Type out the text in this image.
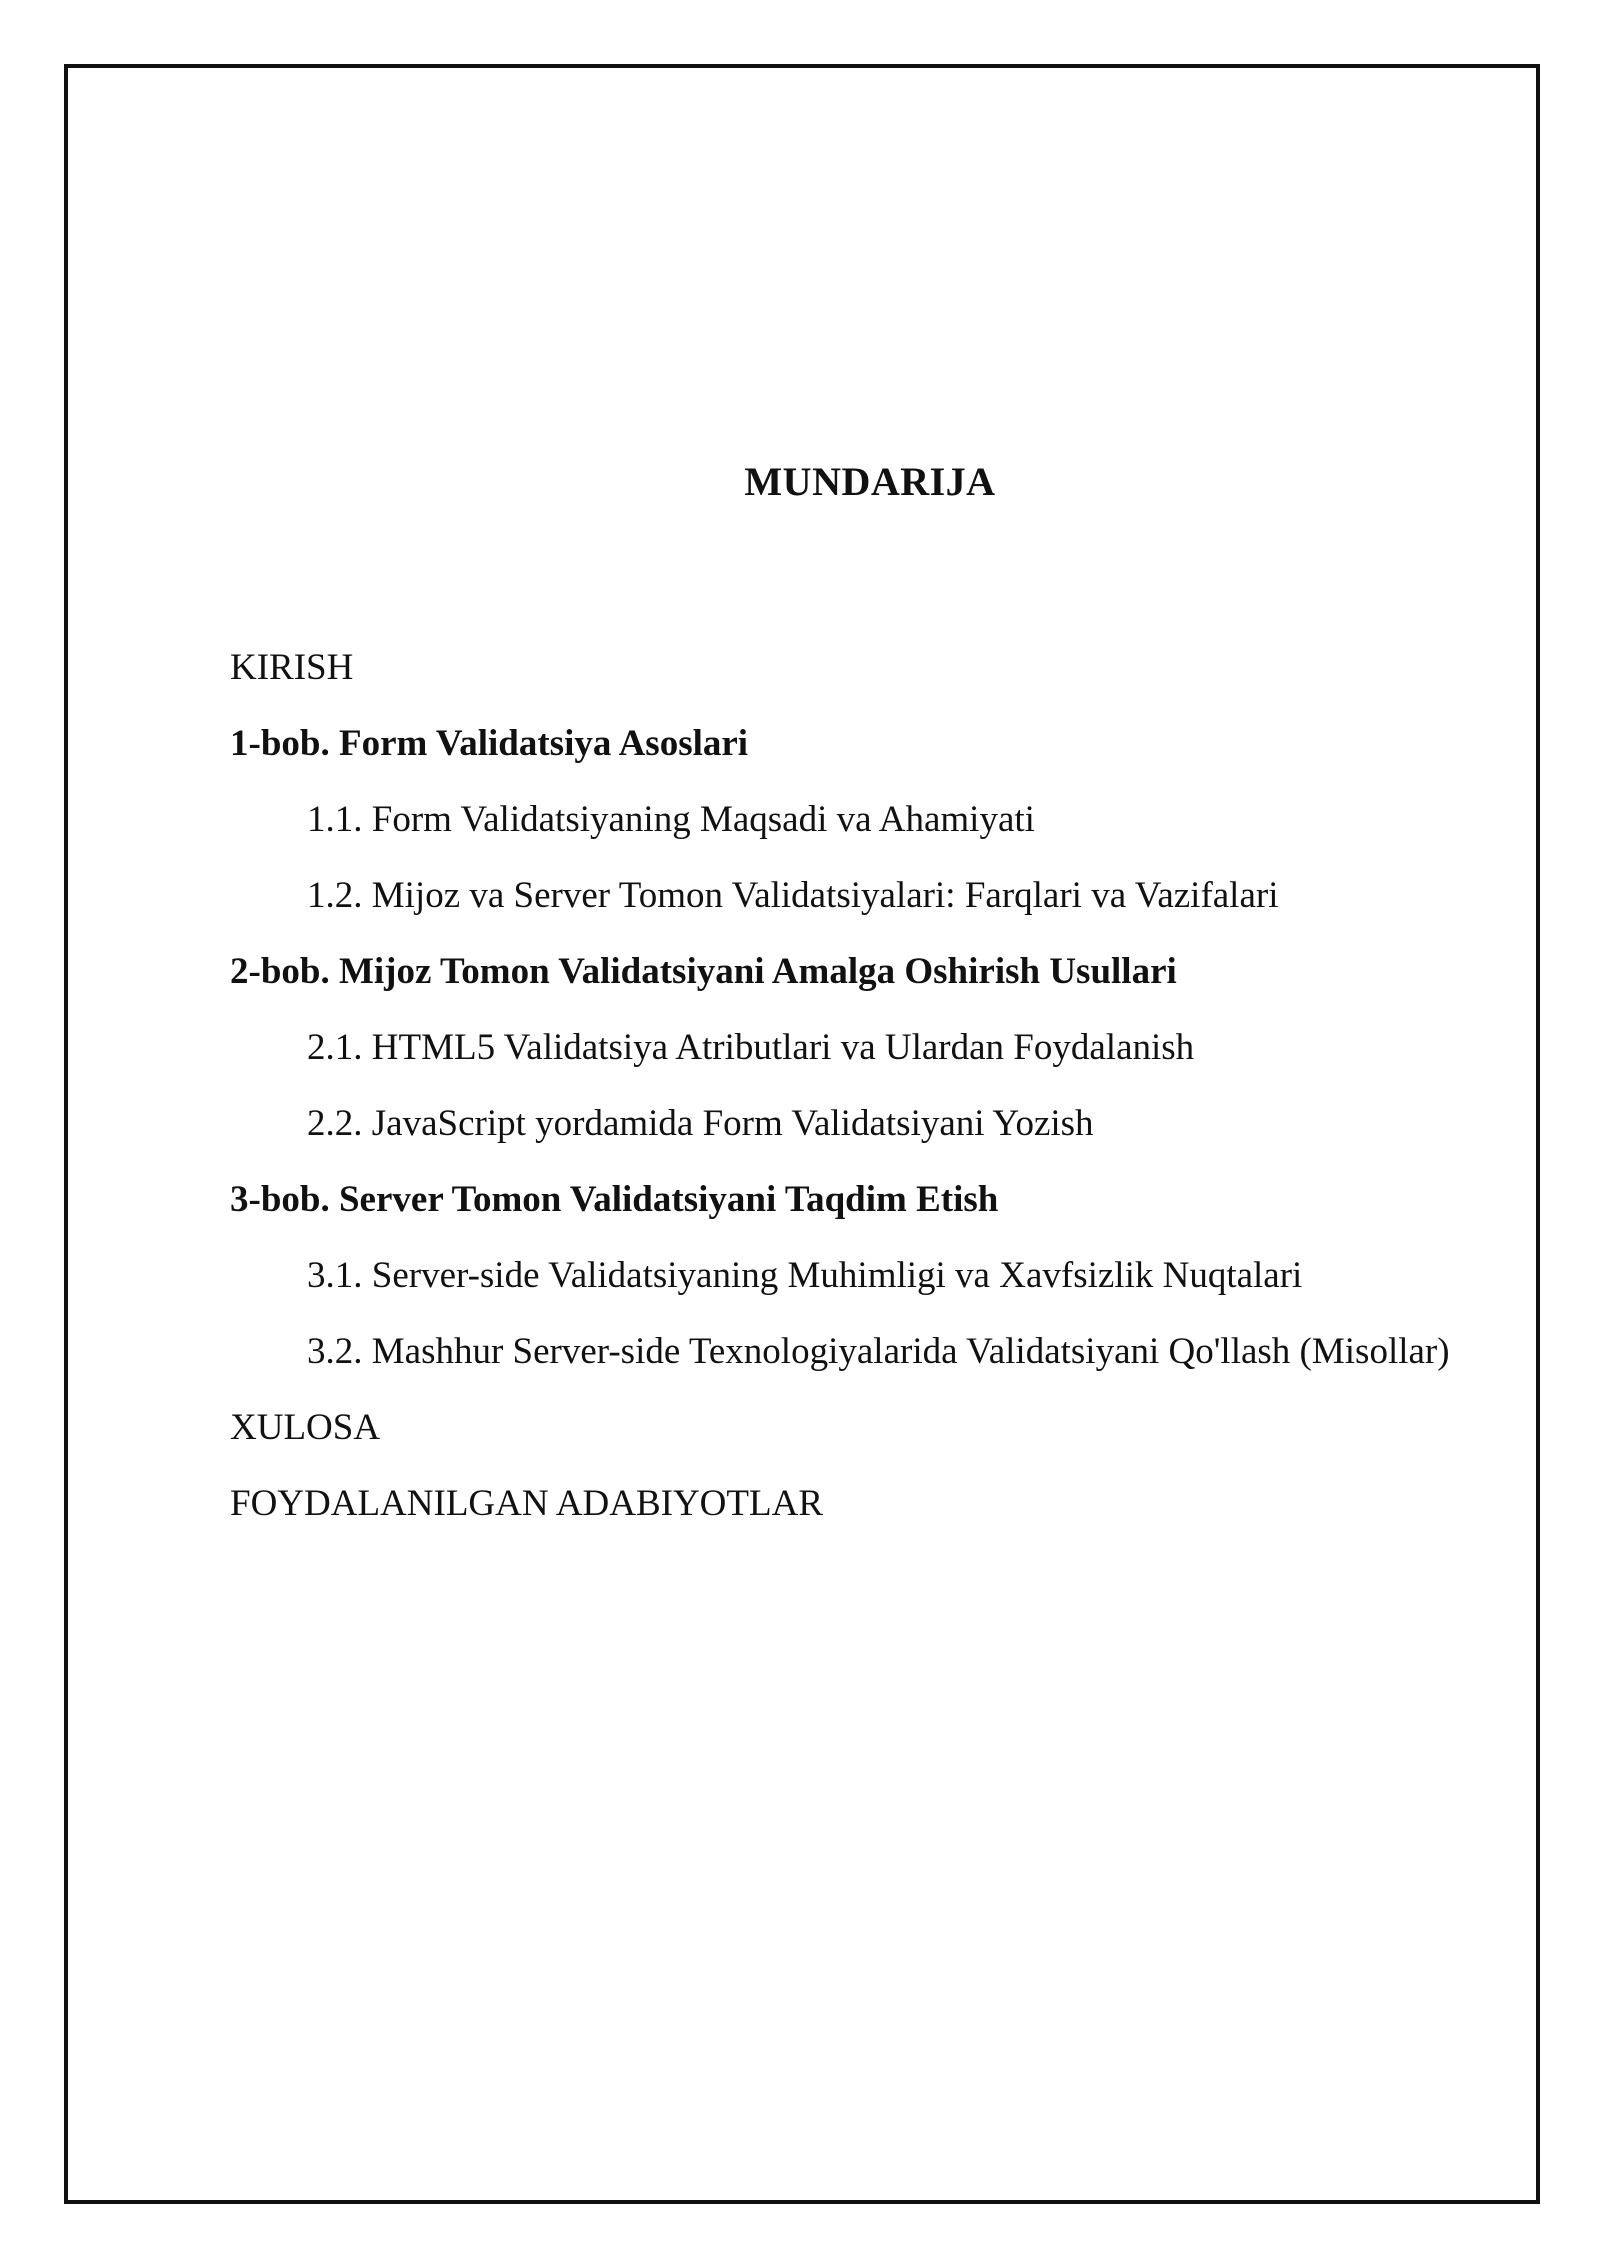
MUNDARIJA
KIRISH
1-bob. Form Validatsiya Asoslari
1.1. Form Validatsiyaning Maqsadi va Ahamiyati
1.2. Mijoz va Server Tomon Validatsiyalari: Farqlari va Vazifalari
2-bob. Mijoz Tomon Validatsiyani Amalga Oshirish Usullari
2.1. HTML5 Validatsiya Atributlari va Ulardan Foydalanish
2.2. JavaScript yordamida Form Validatsiyani Yozish
3-bob. Server Tomon Validatsiyani Taqdim Etish
3.1. Server-side Validatsiyaning Muhimligi va Xavfsizlik Nuqtalari
3.2. Mashhur Server-side Texnologiyalarida Validatsiyani Qo'llash (Misollar)
XULOSA
FOYDALANILGAN ADABIYOTLAR
